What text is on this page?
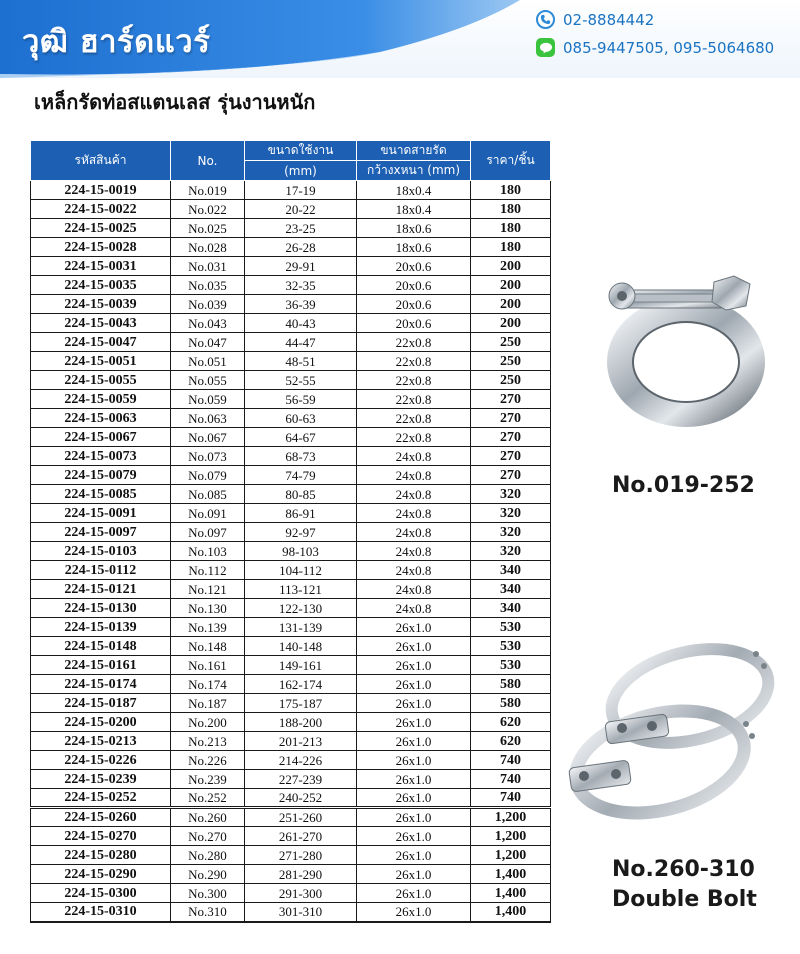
วุฒิ ฮาร์ดแวร์
02-8884442
085-9447505, 095-5064680
เหล็กรัดท่อสแตนเลส รุ่นงานหนัก
รหัสสินค้า	No.	ขนาดใช้งาน	ขนาดสายรัด	ราคา/ชิ้น
		(mm)	กว้างxหนา (mm)	
224-15-0019	No.019	17-19	18x0.4	180
224-15-0022	No.022	20-22	18x0.4	180
224-15-0025	No.025	23-25	18x0.6	180
224-15-0028	No.028	26-28	18x0.6	180
224-15-0031	No.031	29-91	20x0.6	200
224-15-0035	No.035	32-35	20x0.6	200
224-15-0039	No.039	36-39	20x0.6	200
224-15-0043	No.043	40-43	20x0.6	200
224-15-0047	No.047	44-47	22x0.8	250
224-15-0051	No.051	48-51	22x0.8	250
224-15-0055	No.055	52-55	22x0.8	250
224-15-0059	No.059	56-59	22x0.8	270
224-15-0063	No.063	60-63	22x0.8	270
224-15-0067	No.067	64-67	22x0.8	270
224-15-0073	No.073	68-73	24x0.8	270
224-15-0079	No.079	74-79	24x0.8	270
224-15-0085	No.085	80-85	24x0.8	320
224-15-0091	No.091	86-91	24x0.8	320
224-15-0097	No.097	92-97	24x0.8	320
224-15-0103	No.103	98-103	24x0.8	320
224-15-0112	No.112	104-112	24x0.8	340
224-15-0121	No.121	113-121	24x0.8	340
224-15-0130	No.130	122-130	24x0.8	340
224-15-0139	No.139	131-139	26x1.0	530
224-15-0148	No.148	140-148	26x1.0	530
224-15-0161	No.161	149-161	26x1.0	530
224-15-0174	No.174	162-174	26x1.0	580
224-15-0187	No.187	175-187	26x1.0	580
224-15-0200	No.200	188-200	26x1.0	620
224-15-0213	No.213	201-213	26x1.0	620
224-15-0226	No.226	214-226	26x1.0	740
224-15-0239	No.239	227-239	26x1.0	740
224-15-0252	No.252	240-252	26x1.0	740
224-15-0260	No.260	251-260	26x1.0	1,200
224-15-0270	No.270	261-270	26x1.0	1,200
224-15-0280	No.280	271-280	26x1.0	1,200
224-15-0290	No.290	281-290	26x1.0	1,400
224-15-0300	No.300	291-300	26x1.0	1,400
224-15-0310	No.310	301-310	26x1.0	1,400
No.019-252
No.260-310
Double Bolt
